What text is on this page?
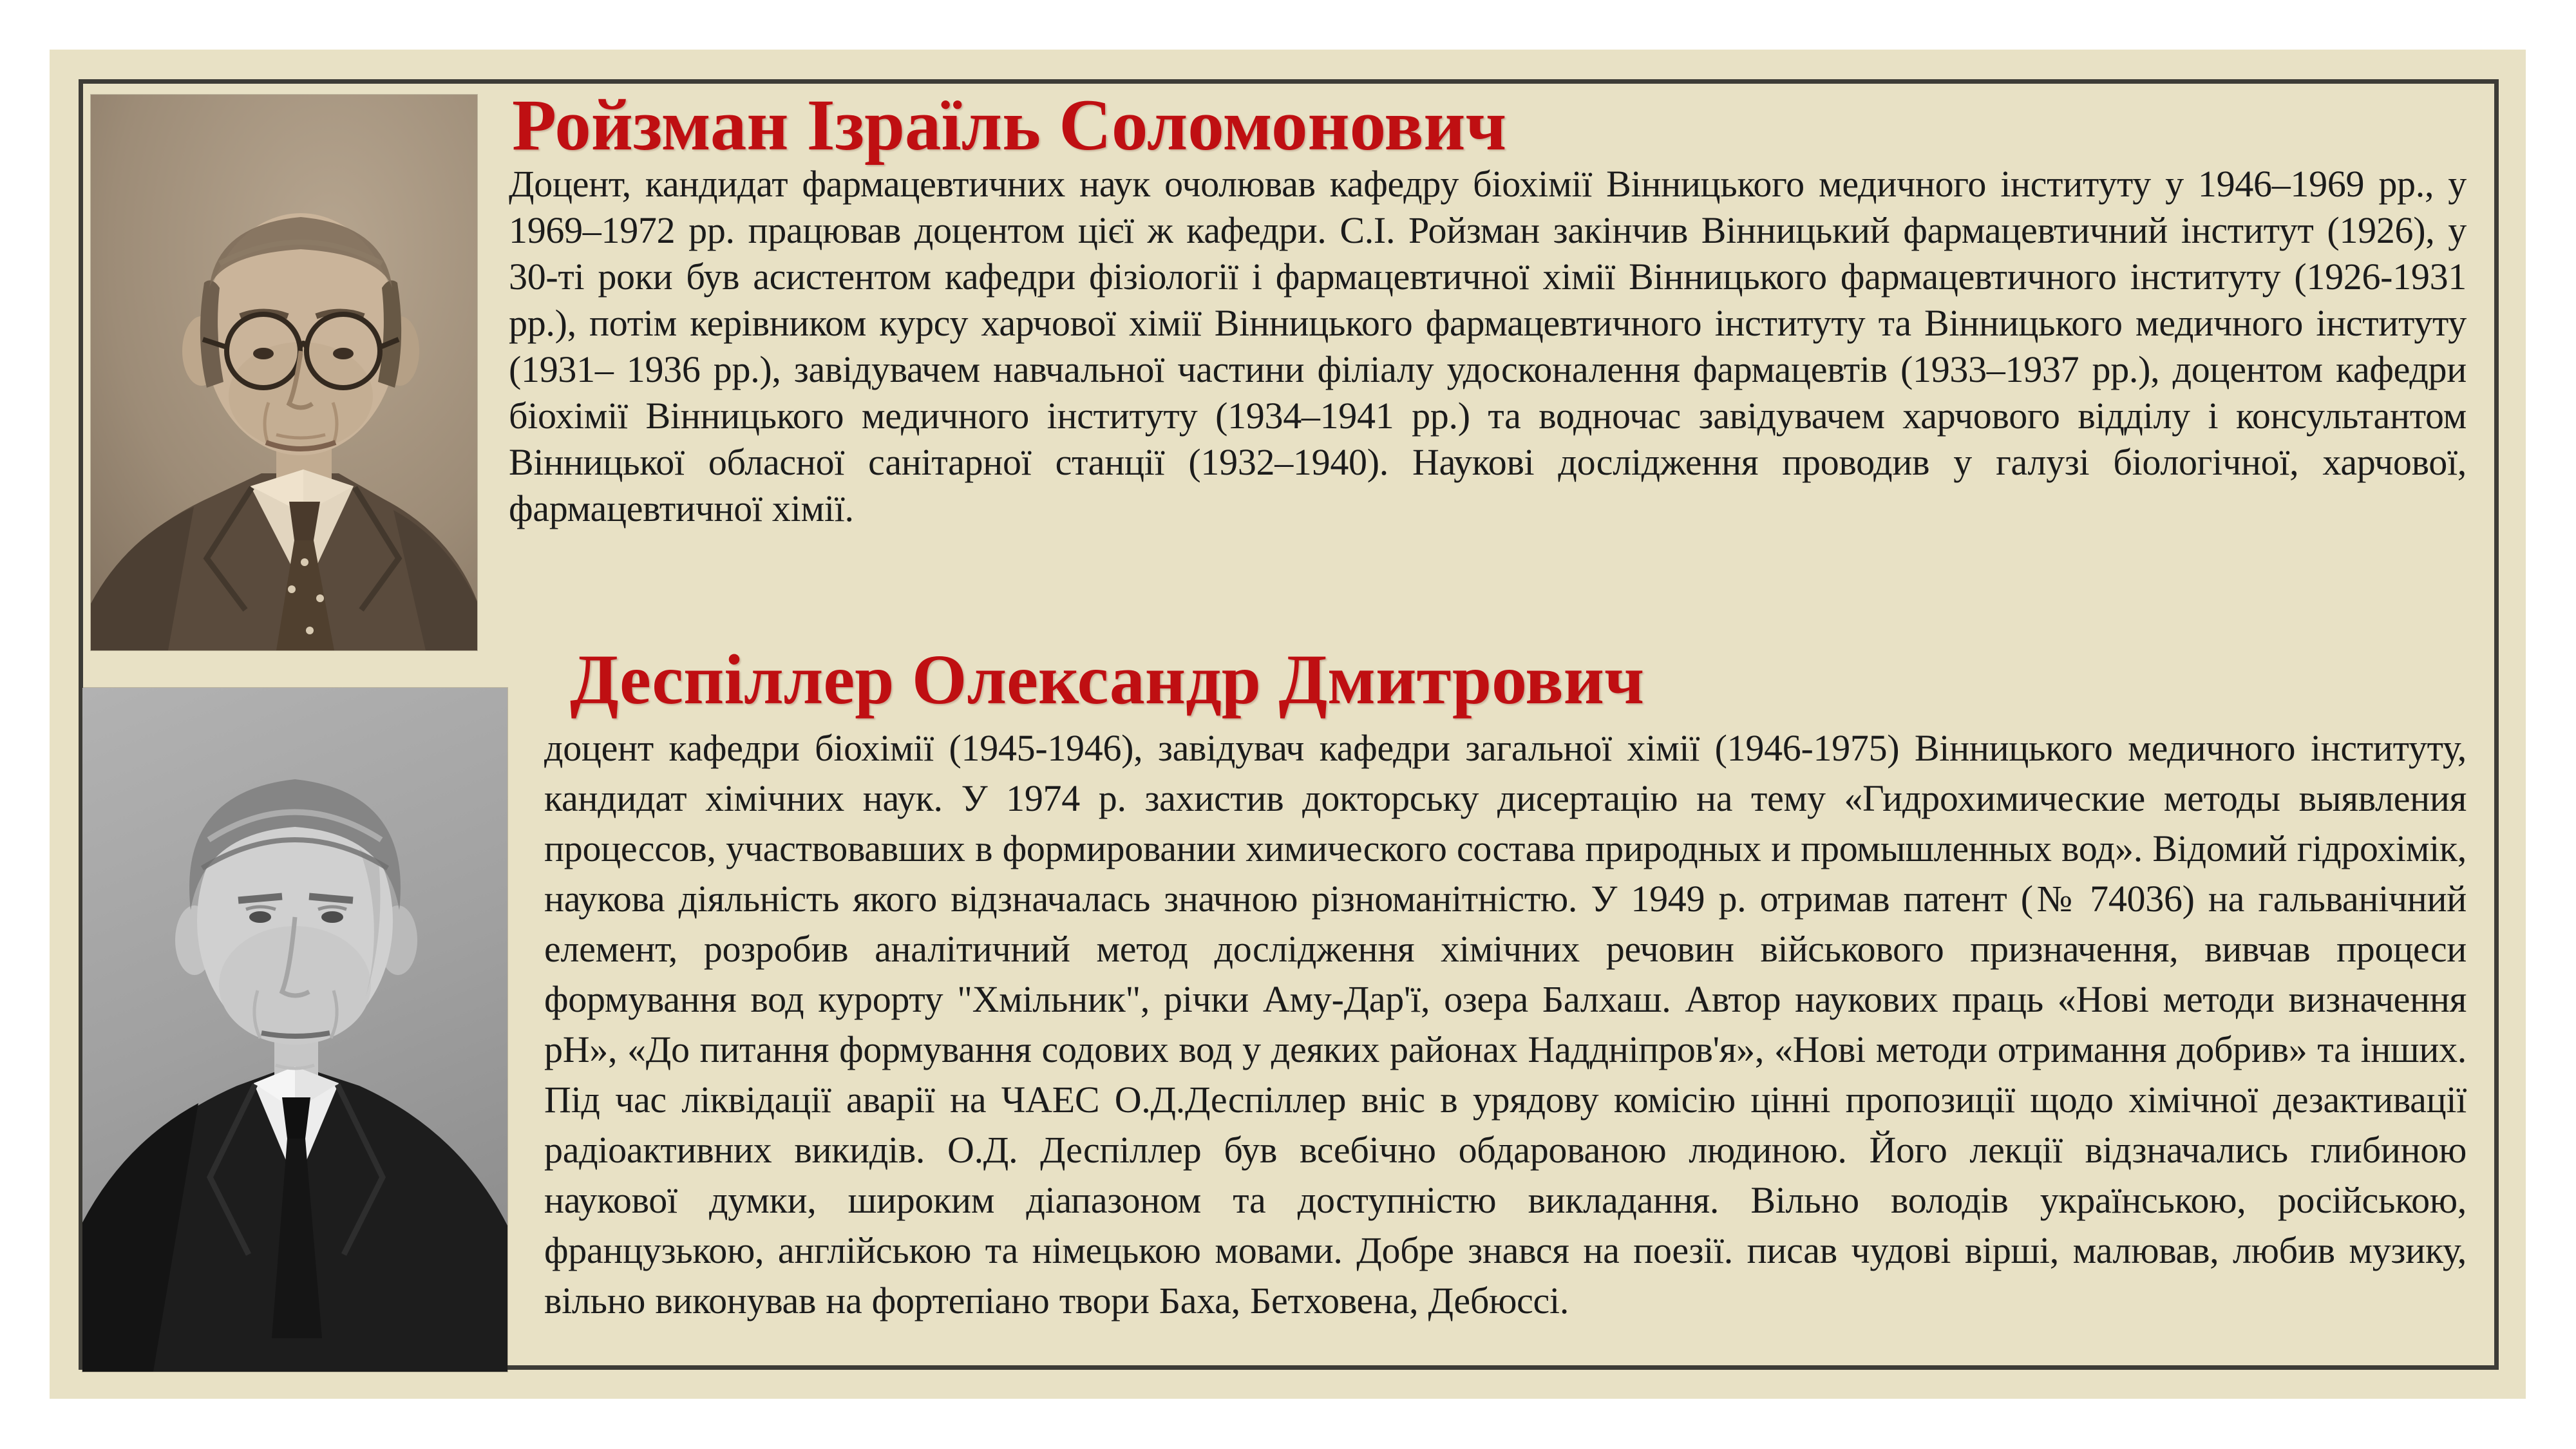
Ройзман Ізраїль Соломонович

Доцент, кандидат фармацевтичних наук очолював кафедру біохімії Вінницького медичного інституту у 1946–1969 рр., у 1969–1972 рр. працював доцентом цієї ж кафедри. С.І. Ройзман закінчив Вінницький фармацевтичний інститут (1926), у 30-ті роки був асистентом кафедри фізіології і фармацевтичної хімії Вінницького фармацевтичного інституту (1926-1931 рр.), потім керівником курсу харчової хімії Вінницького фармацевтичного інституту та Вінницького медичного інституту (1931– 1936 рр.), завідувачем навчальної частини філіалу удосконалення фармацевтів (1933–1937 рр.), доцентом кафедри біохімії Вінницького медичного інституту (1934–1941 рр.) та водночас завідувачем харчового відділу і консультантом Вінницької обласної санітарної станції (1932–1940). Наукові дослідження проводив у галузі біологічної, харчової, фармацевтичної хімії.

Деспіллер Олександр Дмитрович

доцент кафедри біохімії (1945-1946), завідувач кафедри загальної хімії (1946-1975) Вінницького медичного інституту, кандидат хімічних наук. У 1974 р. захистив докторську дисертацію на тему «Гидрохимические методы выявления процессов, участвовавших в формировании химического состава природных и промышленных вод». Відомий гідрохімік, наукова діяльність якого відзначалась значною різноманітністю. У 1949 р. отримав патент (№ 74036) на гальванічний елемент, розробив аналітичний метод дослідження хімічних речовин військового призначення, вивчав процеси формування вод курорту "Хмільник", річки Аму-Дар'ї, озера Балхаш. Автор наукових праць «Нові методи визначення рН», «До питання формування содових вод у деяких районах Наддніпров'я», «Нові методи отримання добрив» та інших. Під час ліквідації аварії на ЧАЕС О.Д.Деспіллер вніс в урядову комісію цінні пропозиції щодо хімічної дезактивації радіоактивних викидів. О.Д. Деспіллер був всебічно обдарованою людиною. Його лекції відзначались глибиною наукової думки, широким діапазоном та доступністю викладання. Вільно володів українською, російською, французькою, англійською та німецькою мовами. Добре знався на поезії. писав чудові вірші, малював, любив музику, вільно виконував на фортепіано твори Баха, Бетховена, Дебюссі.
